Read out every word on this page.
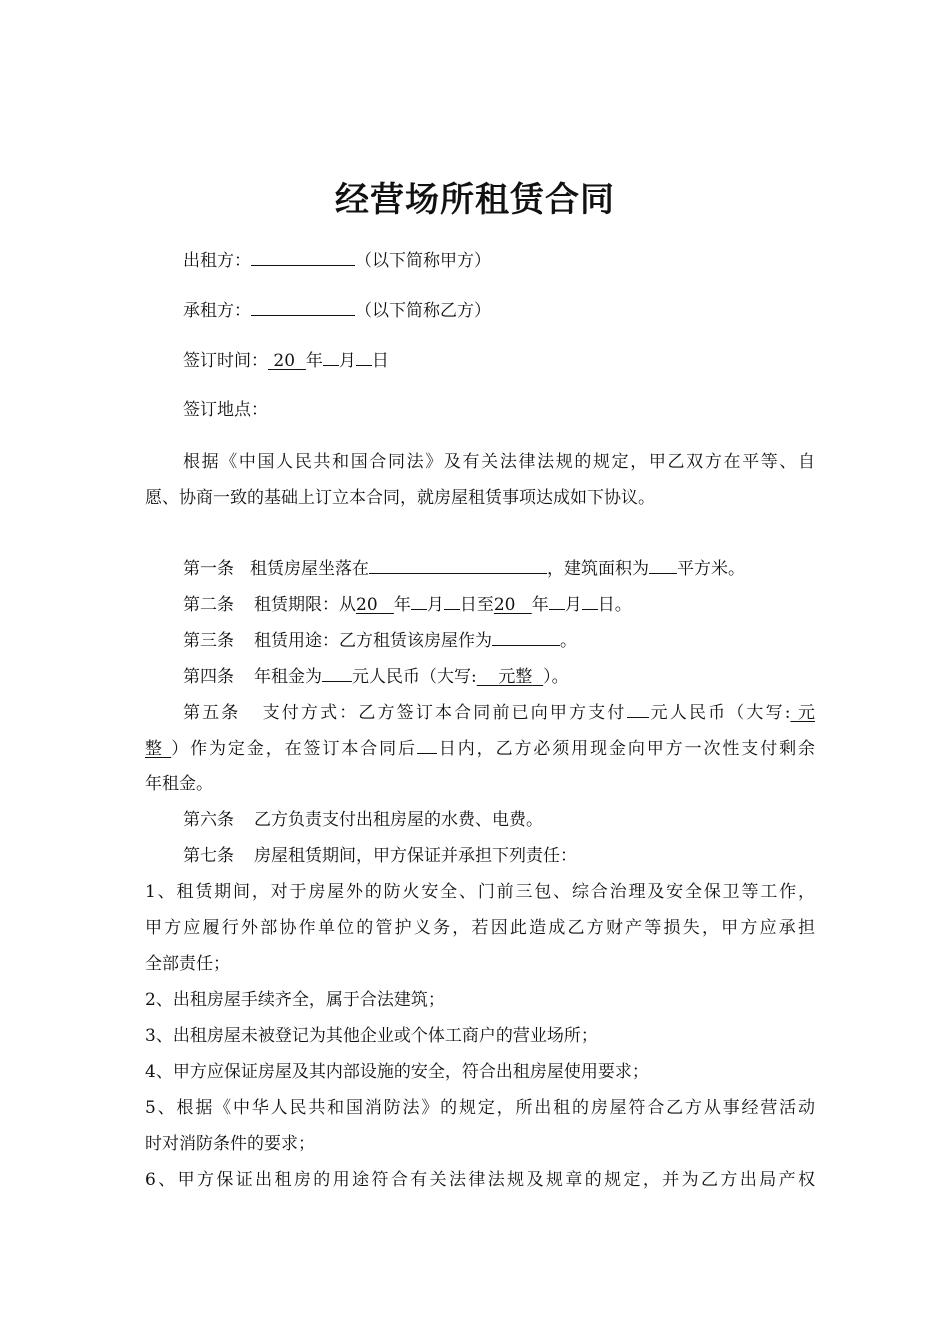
经营场所租赁合同
出租方：	（以下简称甲方）
承租方：	（以下简称乙方）
签订时间： 20 年 月 日
签订地点：
根据《中国人民共和国合同法》及有关法律法规的规定，甲乙双方在平等、自
愿、协商一致的基础上订立本合同，就房屋租赁事项达成如下协议。
第一条 租赁房屋坐落在	，建筑面积为 平方米。
第二条 租赁期限：从20 年 月 日至20 年 月 日。
第三条 租赁用途：乙方租赁该房屋作为	。
第四条 年租金为 元人民币（大写: 元整 ）。
第五条 支付方式：乙方签订本合同前已向甲方支付 元人民币（大写: 元
整 ）作为定金，在签订本合同后 日内，乙方必须用现金向甲方一次性支付剩余
年租金。
第六条 乙方负责支付出租房屋的水费、电费。
第七条 房屋租赁期间，甲方保证并承担下列责任：
1、租赁期间，对于房屋外的防火安全、门前三包、综合治理及安全保卫等工作，
甲方应履行外部协作单位的管护义务，若因此造成乙方财产等损失，甲方应承担
全部责任；
2、出租房屋手续齐全，属于合法建筑；
3、出租房屋未被登记为其他企业或个体工商户的营业场所；
4、甲方应保证房屋及其内部设施的安全，符合出租房屋使用要求；
5、根据《中华人民共和国消防法》的规定，所出租的房屋符合乙方从事经营活动
时对消防条件的要求；
6、甲方保证出租房的用途符合有关法律法规及规章的规定，并为乙方出局产权
